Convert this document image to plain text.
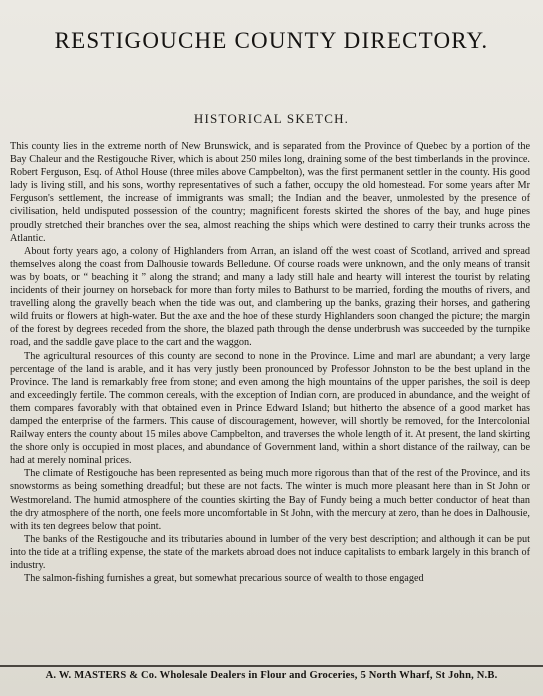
RESTIGOUCHE COUNTY DIRECTORY.
HISTORICAL SKETCH.

This county lies in the extreme north of New Brunswick, and is separated from the Province of Quebec by a portion of the Bay Chaleur and the Restigouche River, which is about 250 miles long, draining some of the best timberlands in the province. Robert Ferguson, Esq. of Athol House (three miles above Campbelton), was the first permanent settler in the county. His good lady is living still, and his sons, worthy representatives of such a father, occupy the old homestead. For some years after Mr Ferguson's settlement, the increase of immigrants was small; the Indian and the beaver, unmolested by the presence of civilisation, held undisputed possession of the country; magnificent forests skirted the shores of the bay, and huge pines proudly stretched their branches over the sea, almost reaching the ships which were destined to carry their trunks across the Atlantic.

About forty years ago, a colony of Highlanders from Arran, an island off the west coast of Scotland, arrived and spread themselves along the coast from Dalhousie towards Belledune. Of course roads were unknown, and the only means of transit was by boats, or “ beaching it ” along the strand; and many a lady still hale and hearty will interest the tourist by relating incidents of their journey on horseback for more than forty miles to Bathurst to be married, fording the mouths of rivers, and travelling along the gravelly beach when the tide was out, and clambering up the banks, grazing their horses, and gathering wild fruits or flowers at high-water. But the axe and the hoe of these sturdy Highlanders soon changed the picture; the margin of the forest by degrees receded from the shore, the blazed path through the dense underbrush was succeeded by the turnpike road, and the saddle gave place to the cart and the waggon.

The agricultural resources of this county are second to none in the Province. Lime and marl are abundant; a very large percentage of the land is arable, and it has very justly been pronounced by Professor Johnston to be the best upland in the Province. The land is remarkably free from stone; and even among the high mountains of the upper parishes, the soil is deep and exceedingly fertile. The common cereals, with the exception of Indian corn, are produced in abundance, and the weight of them compares favorably with that obtained even in Prince Edward Island; but hitherto the absence of a good market has damped the enterprise of the farmers. This cause of discouragement, however, will shortly be removed, for the Intercolonial Railway enters the county about 15 miles above Campbelton, and traverses the whole length of it. At present, the land skirting the shore only is occupied in most places, and abundance of Government land, within a short distance of the railway, can be had at merely nominal prices.

The climate of Restigouche has been represented as being much more rigorous than that of the rest of the Province, and its snowstorms as being something dreadful; but these are not facts. The winter is much more pleasant here than in St John or Westmoreland. The humid atmosphere of the counties skirting the Bay of Fundy being a much better conductor of heat than the dry atmosphere of the north, one feels more uncomfortable in St John, with the mercury at zero, than he does in Dalhousie, with its ten degrees below that point.

The banks of the Restigouche and its tributaries abound in lumber of the very best description; and although it can be put into the tide at a trifling expense, the state of the markets abroad does not induce capitalists to embark largely in this branch of industry.

The salmon-fishing furnishes a great, but somewhat precarious source of wealth to those engaged

A. W. MASTERS & Co. Wholesale Dealers in Flour and Groceries, 5 North Wharf, St John, N.B.
